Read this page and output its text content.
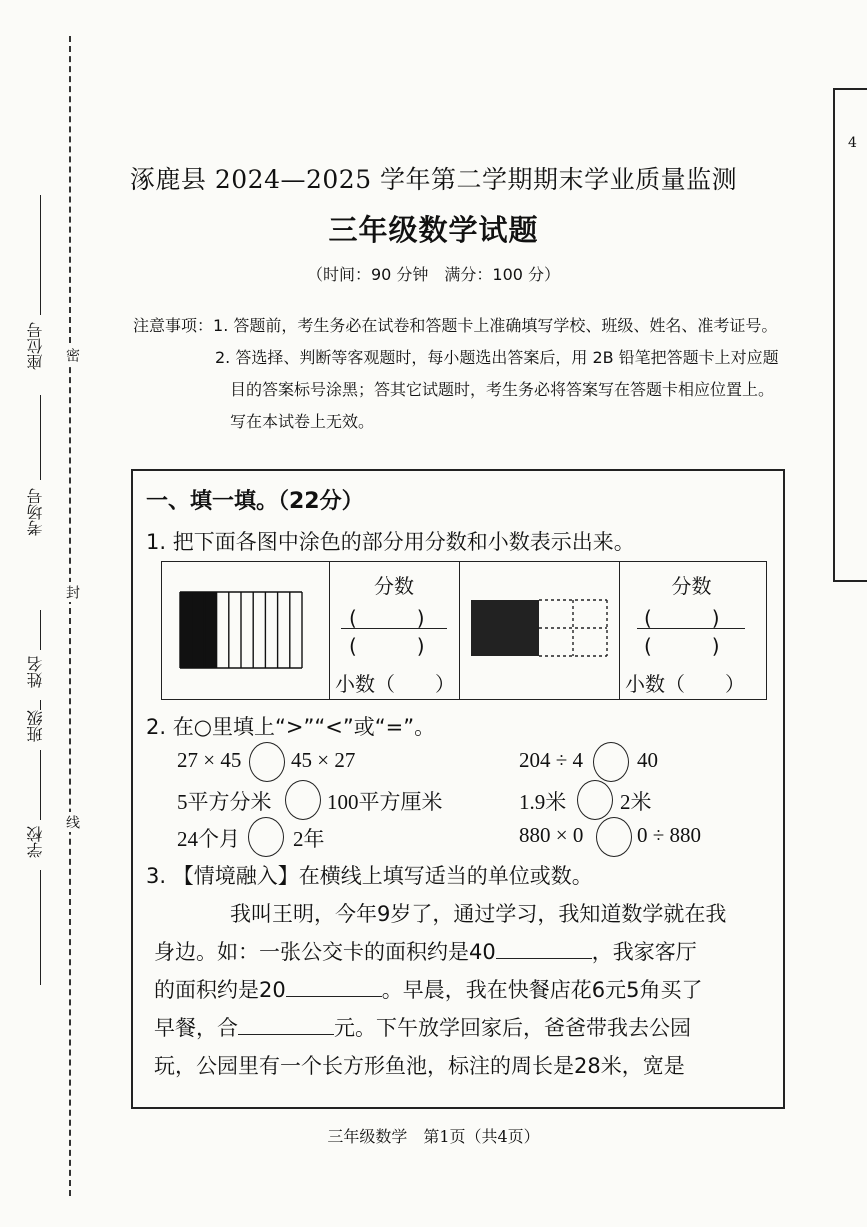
密
封
线
座位号
考场号
姓名
班级
学校
4
涿鹿县 2024—2025 学年第二学期期末学业质量监测
三年级数学试题
（时间：90 分钟　满分：100 分）
注意事项： 1. 答题前，考生务必在试卷和答题卡上准确填写学校、班级、姓名、准考证号。
2. 答选择、判断等客观题时，每小题选出答案后，用 2B 铅笔把答题卡上对应题
目的答案标号涂黑；答其它试题时，考生务必将答案写在答题卡相应位置上。
写在本试卷上无效。
一、填一填。（22分）
1. 把下面各图中涂色的部分用分数和小数表示出来。
分数
(　　　)
(　　　)
小数（　　）
分数
(　　　)
(　　　)
小数（　　）
2. 在○里填上“>”“<”或“=”。
27 × 45 45 × 27	204 ÷ 4	40
5平方分米	100平方厘米	1.9米	2米
24个月	2年	880 × 0	0 ÷ 880
3. 【情境融入】在横线上填写适当的单位或数。
我叫王明，今年9岁了，通过学习，我知道数学就在我
身边。如：一张公交卡的面积约是40	，我家客厅
的面积约是20	。早晨，我在快餐店花6元5角买了
早餐，合	元。下午放学回家后，爸爸带我去公园
玩，公园里有一个长方形鱼池，标注的周长是28米，宽是
三年级数学　第1页（共4页）
